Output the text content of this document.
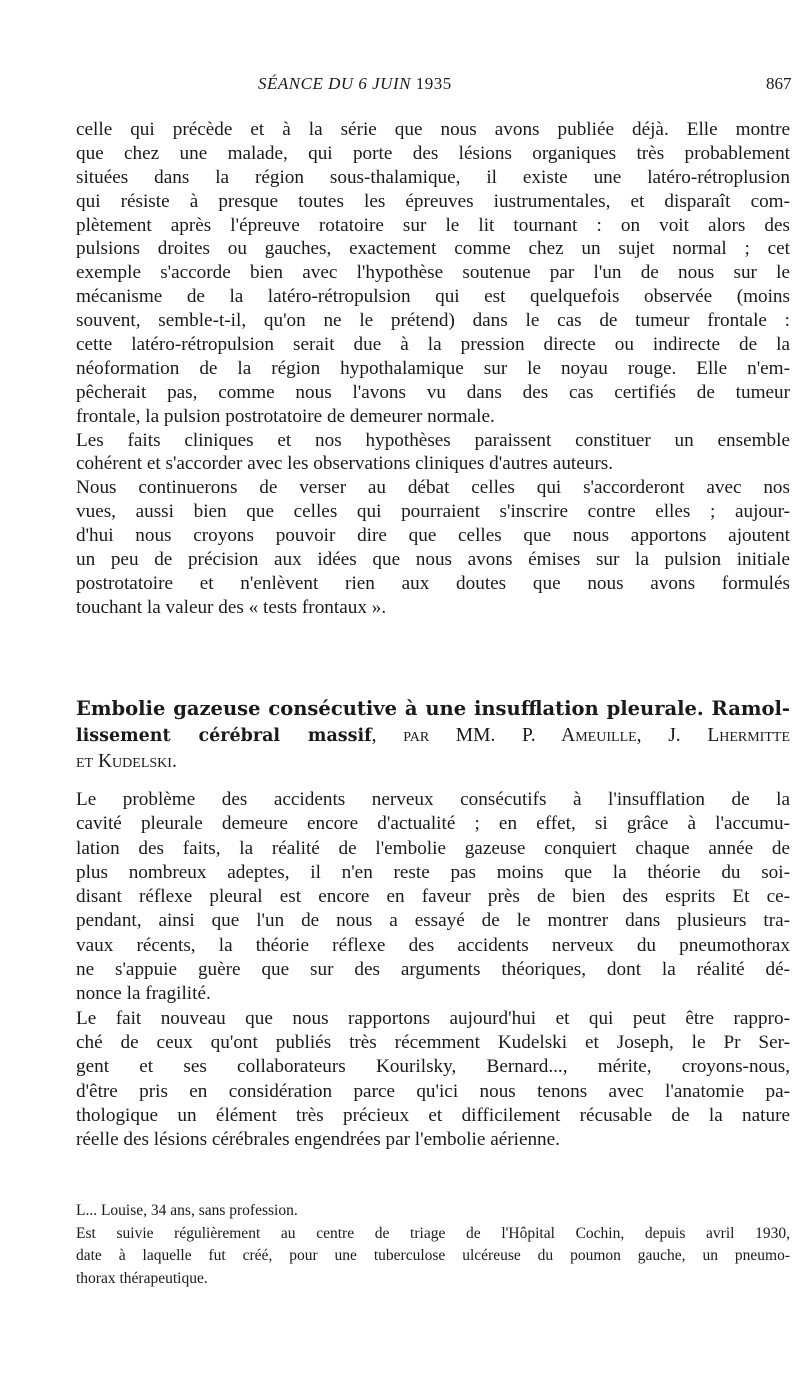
SÉANCE DU 6 JUIN 1935	867
celle qui précède et à la série que nous avons publiée déjà. Elle montre
que chez une malade, qui porte des lésions organiques très probablement
situées dans la région sous-thalamique, il existe une latéro-rétroplusion
qui résiste à presque toutes les épreuves iustrumentales, et disparaît com-
plètement après l'épreuve rotatoire sur le lit tournant : on voit alors des
pulsions droites ou gauches, exactement comme chez un sujet normal ; cet
exemple s'accorde bien avec l'hypothèse soutenue par l'un de nous sur le
mécanisme de la latéro-rétropulsion qui est quelquefois observée (moins
souvent, semble-t-il, qu'on ne le prétend) dans le cas de tumeur frontale :
cette latéro-rétropulsion serait due à la pression directe ou indirecte de la
néoformation de la région hypothalamique sur le noyau rouge. Elle n'em-
pêcherait pas, comme nous l'avons vu dans des cas certifiés de tumeur
frontale, la pulsion postrotatoire de demeurer normale.
Les faits cliniques et nos hypothèses paraissent constituer un ensemble
cohérent et s'accorder avec les observations cliniques d'autres auteurs.
Nous continuerons de verser au débat celles qui s'accorderont avec nos
vues, aussi bien que celles qui pourraient s'inscrire contre elles ; aujour-
d'hui nous croyons pouvoir dire que celles que nous apportons ajoutent
un peu de précision aux idées que nous avons émises sur la pulsion initiale
postrotatoire et n'enlèvent rien aux doutes que nous avons formulés
touchant la valeur des « tests frontaux ».
Embolie gazeuse consécutive à une insufflation pleurale. Ramol-
lissement cérébral massif, par MM. P. Ameuille, J. Lhermitte
et Kudelski.
Le problème des accidents nerveux consécutifs à l'insufflation de la
cavité pleurale demeure encore d'actualité ; en effet, si grâce à l'accumu-
lation des faits, la réalité de l'embolie gazeuse conquiert chaque année de
plus nombreux adeptes, il n'en reste pas moins que la théorie du soi-
disant réflexe pleural est encore en faveur près de bien des esprits Et ce-
pendant, ainsi que l'un de nous a essayé de le montrer dans plusieurs tra-
vaux récents, la théorie réflexe des accidents nerveux du pneumothorax
ne s'appuie guère que sur des arguments théoriques, dont la réalité dé-
nonce la fragilité.
Le fait nouveau que nous rapportons aujourd'hui et qui peut être rappro-
ché de ceux qu'ont publiés très récemment Kudelski et Joseph, le Pr Ser-
gent et ses collaborateurs Kourilsky, Bernard..., mérite, croyons-nous,
d'être pris en considération parce qu'ici nous tenons avec l'anatomie pa-
thologique un élément très précieux et difficilement récusable de la nature
réelle des lésions cérébrales engendrées par l'embolie aérienne.
L... Louise, 34 ans, sans profession.
Est suivie régulièrement au centre de triage de l'Hôpital Cochin, depuis avril 1930,
date à laquelle fut créé, pour une tuberculose ulcéreuse du poumon gauche, un pneumo-
thorax thérapeutique.
